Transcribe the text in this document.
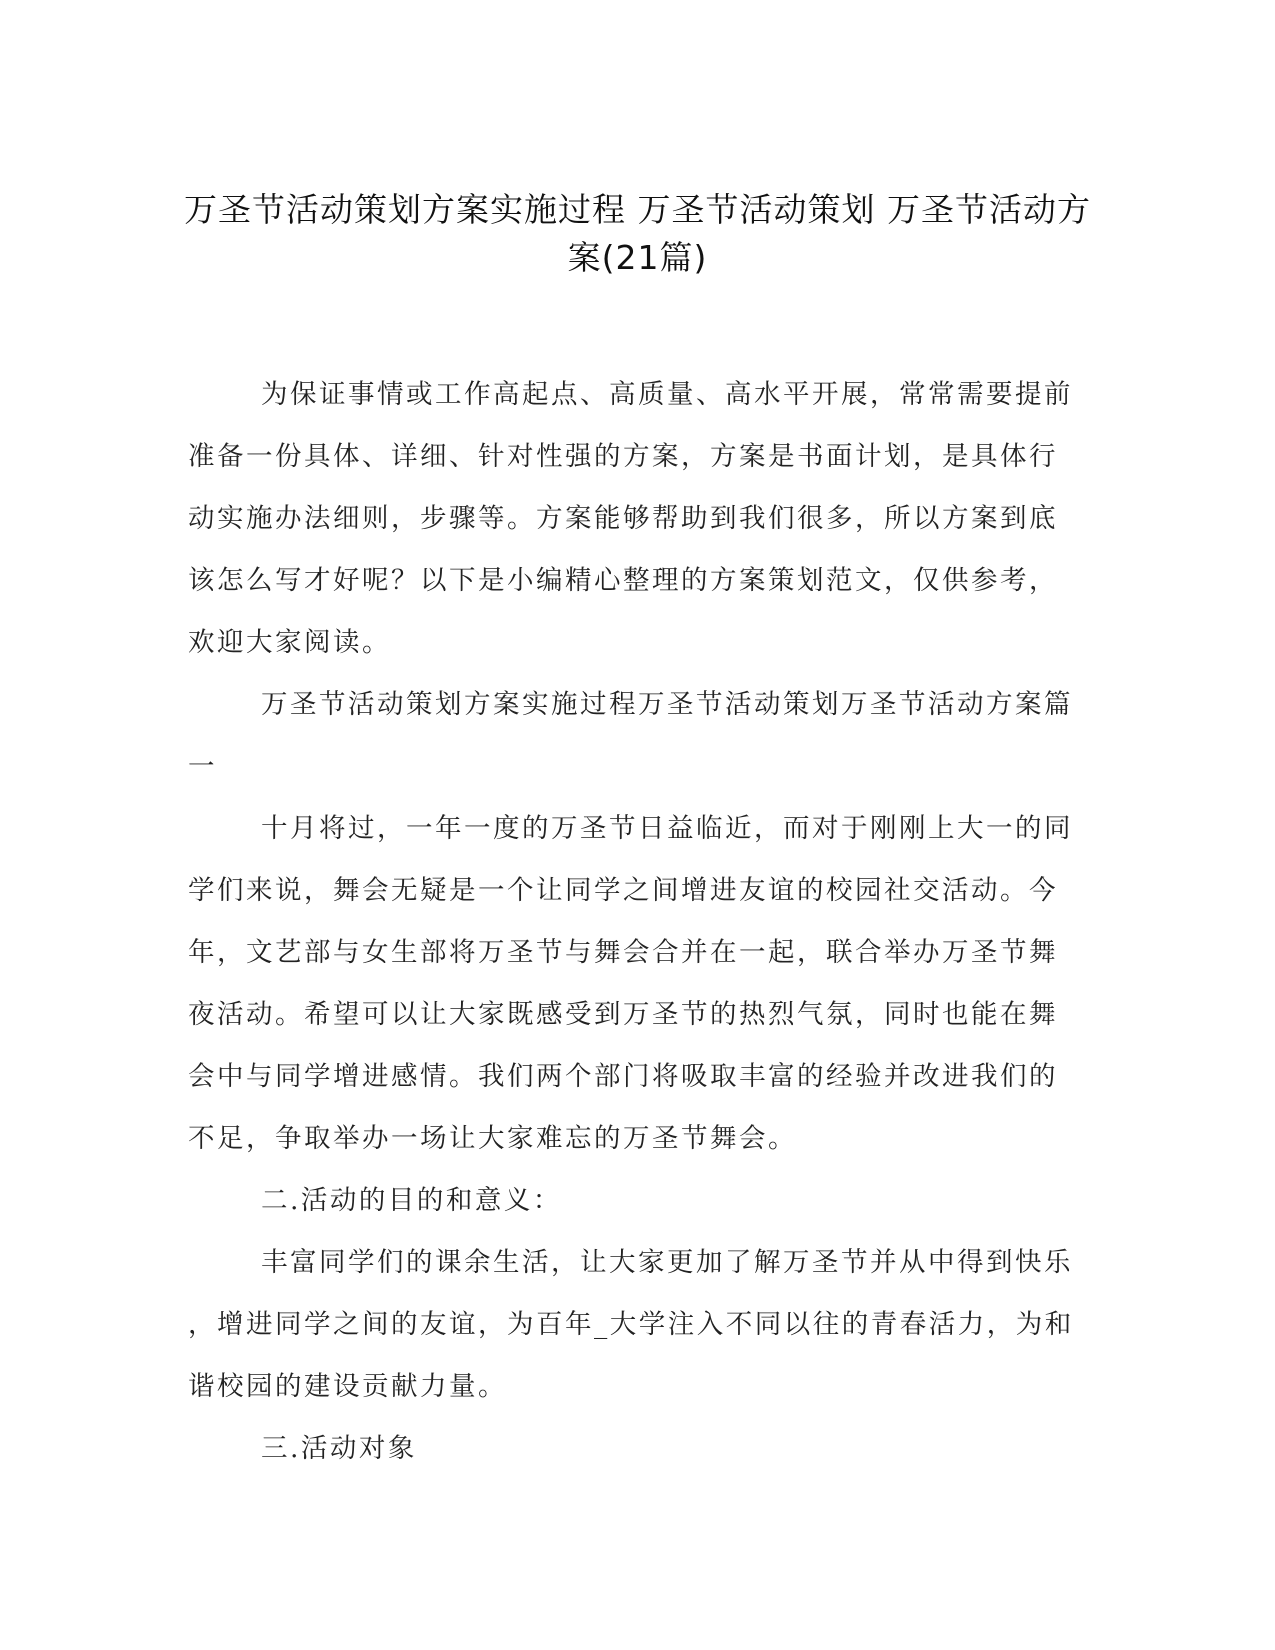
万圣节活动策划方案实施过程 万圣节活动策划 万圣节活动方
案(21篇)

为保证事情或工作高起点、高质量、高水平开展，常常需要提前
准备一份具体、详细、针对性强的方案，方案是书面计划，是具体行
动实施办法细则，步骤等。方案能够帮助到我们很多，所以方案到底
该怎么写才好呢？以下是小编精心整理的方案策划范文，仅供参考，
欢迎大家阅读。

万圣节活动策划方案实施过程万圣节活动策划万圣节活动方案篇
一

十月将过，一年一度的万圣节日益临近，而对于刚刚上大一的同
学们来说，舞会无疑是一个让同学之间增进友谊的校园社交活动。今
年，文艺部与女生部将万圣节与舞会合并在一起，联合举办万圣节舞
夜活动。希望可以让大家既感受到万圣节的热烈气氛，同时也能在舞
会中与同学增进感情。我们两个部门将吸取丰富的经验并改进我们的
不足，争取举办一场让大家难忘的万圣节舞会。

二.活动的目的和意义：

丰富同学们的课余生活，让大家更加了解万圣节并从中得到快乐
，增进同学之间的友谊，为百年_大学注入不同以往的青春活力，为和
谐校园的建设贡献力量。

三.活动对象
